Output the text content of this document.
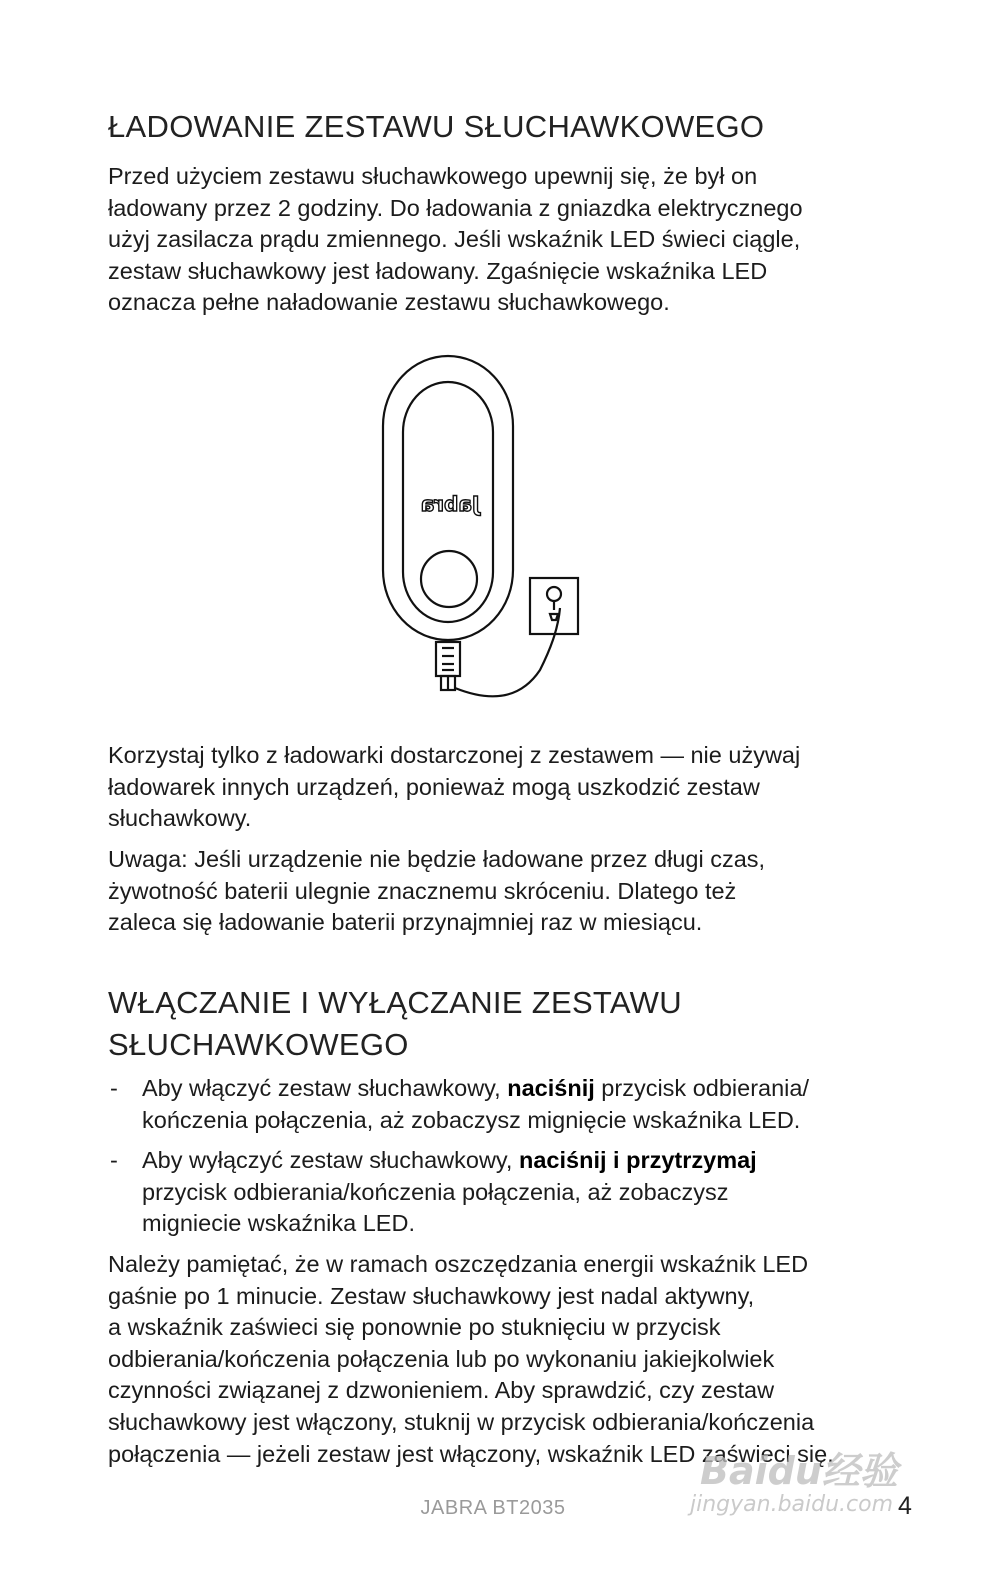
ŁADOWANIE ZESTAWU SŁUCHAWKOWEGO

Przed użyciem zestawu słuchawkowego upewnij się, że był on
ładowany przez 2 godziny. Do ładowania z gniazdka elektrycznego
użyj zasilacza prądu zmiennego. Jeśli wskaźnik LED świeci ciągle,
zestaw słuchawkowy jest ładowany. Zgaśnięcie wskaźnika LED
oznacza pełne naładowanie zestawu słuchawkowego.

Jabra

Korzystaj tylko z ładowarki dostarczonej z zestawem — nie używaj
ładowarek innych urządzeń, ponieważ mogą uszkodzić zestaw
słuchawkowy.

Uwaga: Jeśli urządzenie nie będzie ładowane przez długi czas,
żywotność baterii ulegnie znacznemu skróceniu. Dlatego też
zaleca się ładowanie baterii przynajmniej raz w miesiącu.

WŁĄCZANIE I WYŁĄCZANIE ZESTAWU
SŁUCHAWKOWEGO
- Aby włączyć zestaw słuchawkowy, naciśnij przycisk odbierania/
kończenia połączenia, aż zobaczysz mignięcie wskaźnika LED.
- Aby wyłączyć zestaw słuchawkowy, naciśnij i przytrzymaj
przycisk odbierania/kończenia połączenia, aż zobaczysz
migniecie wskaźnika LED.

Należy pamiętać, że w ramach oszczędzania energii wskaźnik LED
gaśnie po 1 minucie. Zestaw słuchawkowy jest nadal aktywny,
a wskaźnik zaświeci się ponownie po stuknięciu w przycisk
odbierania/kończenia połączenia lub po wykonaniu jakiejkolwiek
czynności związanej z dzwonieniem. Aby sprawdzić, czy zestaw
słuchawkowy jest włączony, stuknij w przycisk odbierania/kończenia
połączenia — jeżeli zestaw jest włączony, wskaźnik LED zaświeci się.

Baidu经验
jingyan.baidu.com
JABRA BT2035	4
